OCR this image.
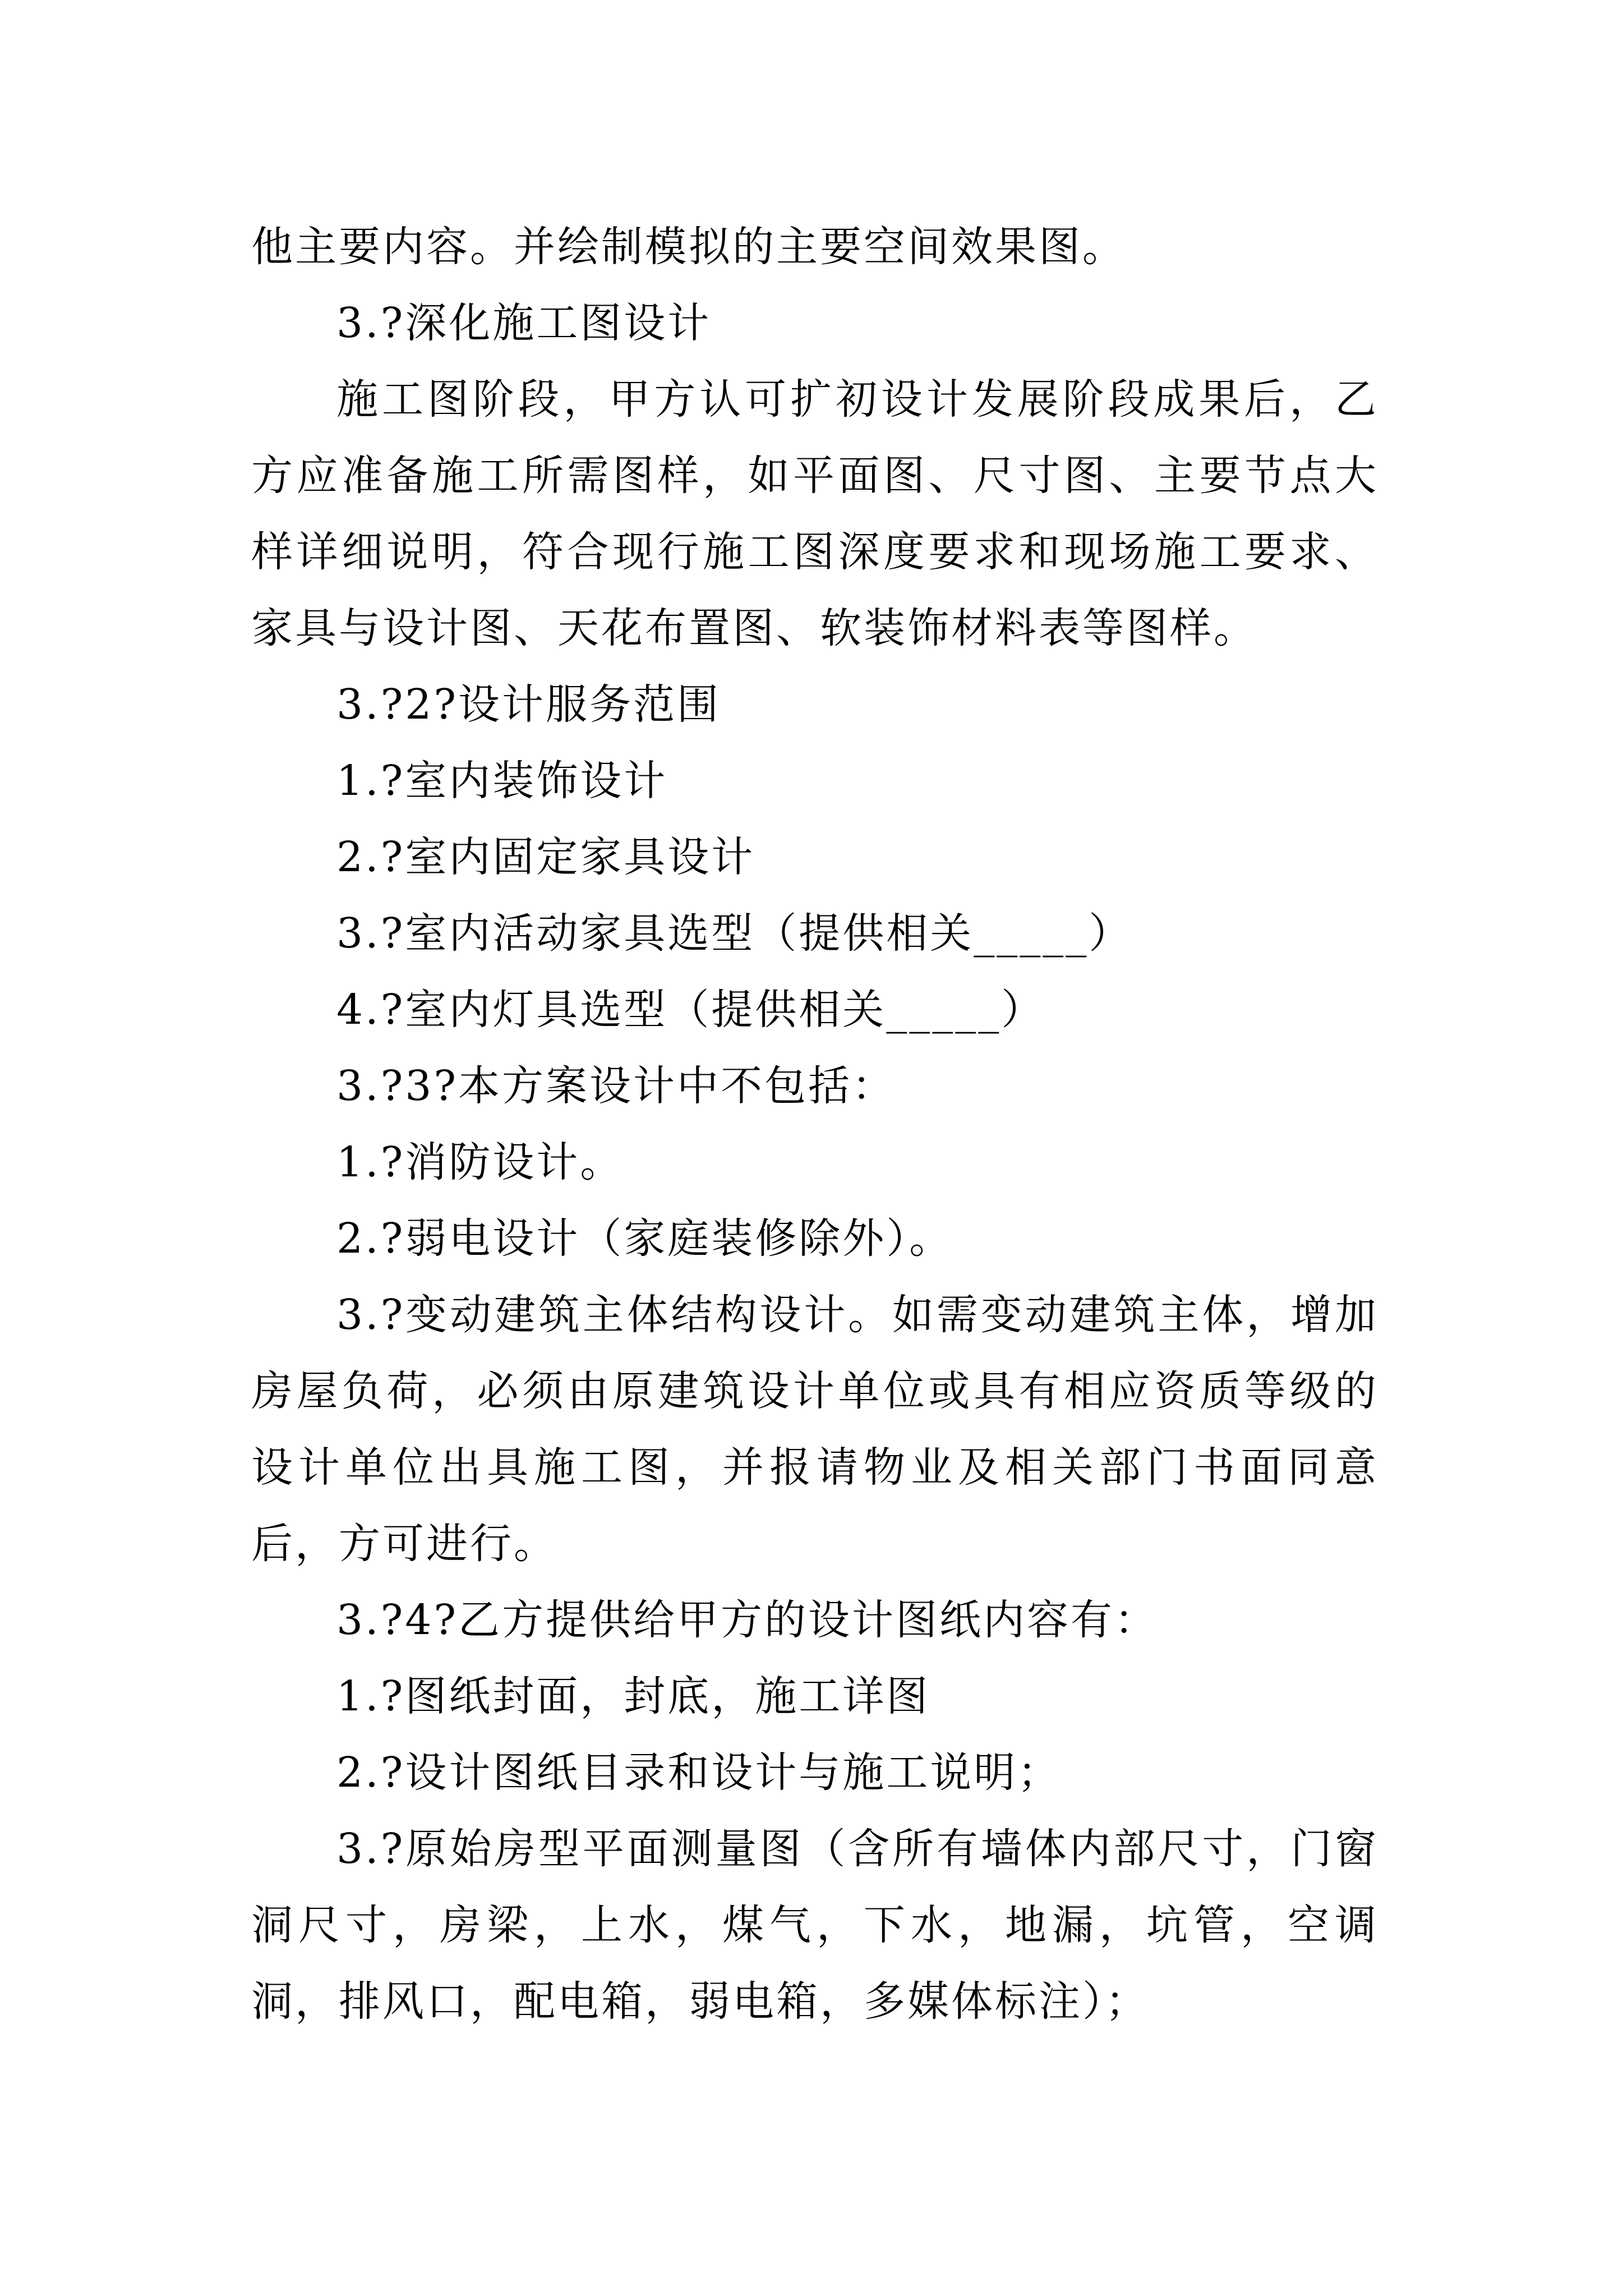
他主要内容。并绘制模拟的主要空间效果图。

3.?深化施工图设计

施工图阶段，甲方认可扩初设计发展阶段成果后，乙方应准备施工所需图样，如平面图、尺寸图、主要节点大样详细说明，符合现行施工图深度要求和现场施工要求、家具与设计图、天花布置图、软装饰材料表等图样。

3.?2?设计服务范围

1.?室内装饰设计

2.?室内固定家具设计

3.?室内活动家具选型（提供相关_____）

4.?室内灯具选型（提供相关_____）

3.?3?本方案设计中不包括：

1.?消防设计。

2.?弱电设计（家庭装修除外）。

3.?变动建筑主体结构设计。如需变动建筑主体，增加房屋负荷，必须由原建筑设计单位或具有相应资质等级的设计单位出具施工图，并报请物业及相关部门书面同意后，方可进行。

3.?4?乙方提供给甲方的设计图纸内容有：

1.?图纸封面，封底，施工详图

2.?设计图纸目录和设计与施工说明；

3.?原始房型平面测量图（含所有墙体内部尺寸，门窗洞尺寸，房梁，上水，煤气，下水，地漏，坑管，空调洞，排风口，配电箱，弱电箱，多媒体标注）；
